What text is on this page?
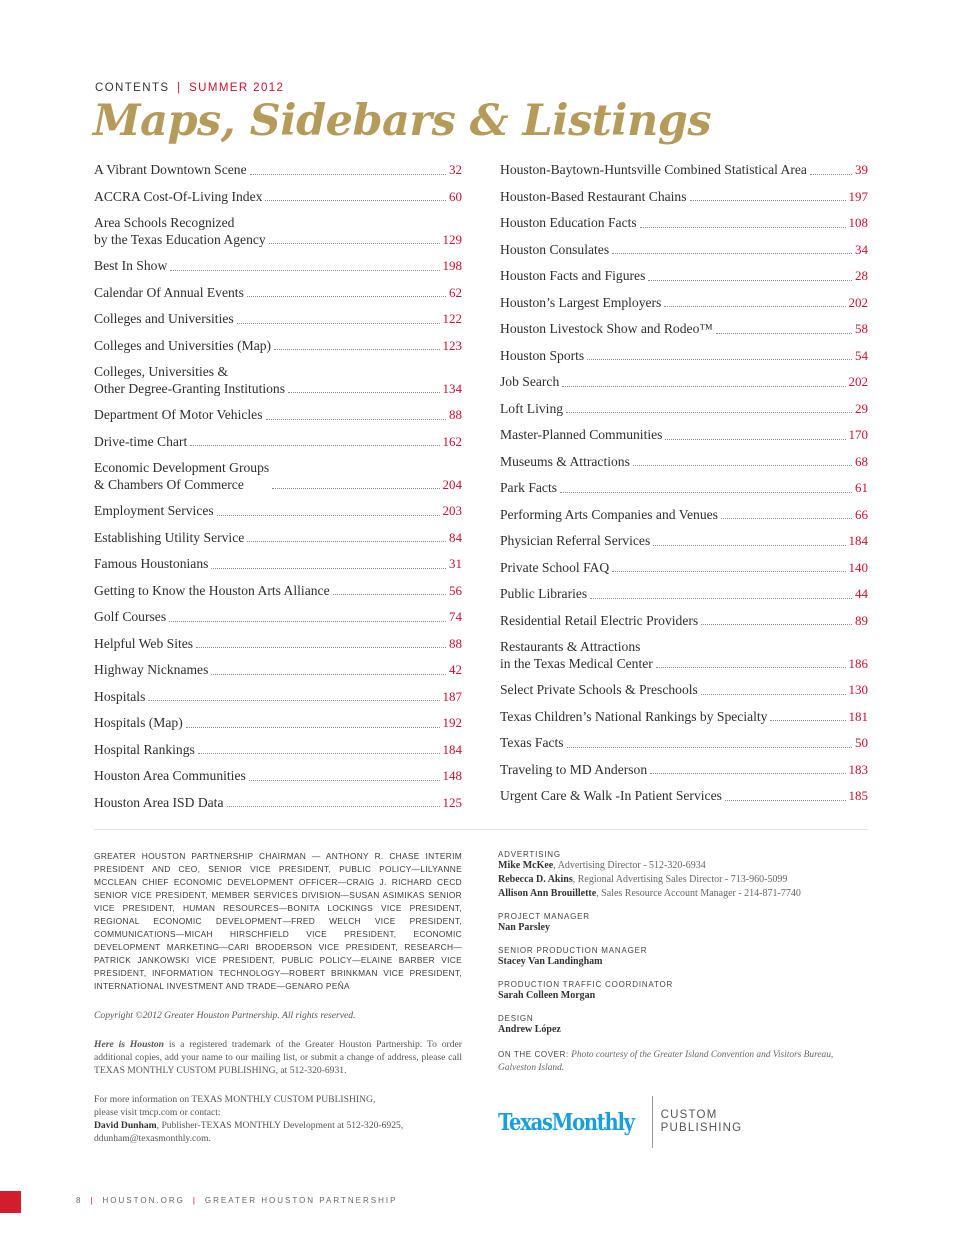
CONTENTS | SUMMER 2012
Maps, Sidebars & Listings
A Vibrant Downtown Scene	32
ACCRA Cost-Of-Living Index	60
Area Schools Recognized
by the Texas Education Agency	129
Best In Show	198
Calendar Of Annual Events	62
Colleges and Universities	122
Colleges and Universities (Map)	123
Colleges, Universities &
Other Degree-Granting Institutions	134
Department Of Motor Vehicles	88
Drive-time Chart	162
Economic Development Groups
& Chambers Of Commerce	204
Employment Services	203
Establishing Utility Service	84
Famous Houstonians	31
Getting to Know the Houston Arts Alliance	56
Golf Courses	74
Helpful Web Sites	88
Highway Nicknames	42
Hospitals	187
Hospitals (Map)	192
Hospital Rankings	184
Houston Area Communities	148
Houston Area ISD Data	125
Houston-Baytown-Huntsville Combined Statistical Area	39
Houston-Based Restaurant Chains	197
Houston Education Facts	108
Houston Consulates	34
Houston Facts and Figures	28
Houston’s Largest Employers	202
Houston Livestock Show and Rodeo™	58
Houston Sports	54
Job Search	202
Loft Living	29
Master-Planned Communities	170
Museums & Attractions	68
Park Facts	61
Performing Arts Companies and Venues	66
Physician Referral Services	184
Private School FAQ	140
Public Libraries	44
Residential Retail Electric Providers	89
Restaurants & Attractions
in the Texas Medical Center	186
Select Private Schools & Preschools	130
Texas Children’s National Rankings by Specialty	181
Texas Facts	50
Traveling to MD Anderson	183
Urgent Care & Walk -In Patient Services	185
GREATER HOUSTON PARTNERSHIP CHAIRMAN — ANTHONY R. CHASE INTERIM PRESIDENT AND CEO, SENIOR VICE PRESIDENT, PUBLIC POLICY—LILYANNE MCCLEAN CHIEF ECONOMIC DEVELOPMENT OFFICER—CRAIG J. RICHARD CECD SENIOR VICE PRESIDENT, MEMBER SERVICES DIVISION—SUSAN ASIMIKAS SENIOR VICE PRESIDENT, HUMAN RESOURCES—BONITA LOCKINGS VICE PRESIDENT, REGIONAL ECONOMIC DEVELOPMENT—FRED WELCH VICE PRESIDENT, COMMUNICATIONS—MICAH HIRSCHFIELD VICE PRESIDENT, ECONOMIC DEVELOPMENT MARKETING—CARI BRODERSON VICE PRESIDENT, RESEARCH—PATRICK JANKOWSKI VICE PRESIDENT, PUBLIC POLICY—ELAINE BARBER VICE PRESIDENT, INFORMATION TECHNOLOGY—ROBERT BRINKMAN VICE PRESIDENT, INTERNATIONAL INVESTMENT AND TRADE—GENARO PEÑA
Copyright ©2012 Greater Houston Partnership. All rights reserved.
Here is Houston is a registered trademark of the Greater Houston Partnership. To order additional copies, add your name to our mailing list, or submit a change of address, please call TEXAS MONTHLY CUSTOM PUBLISHING, at 512-320-6931.
For more information on TEXAS MONTHLY CUSTOM PUBLISHING,
please visit tmcp.com or contact:
David Dunham, Publisher-TEXAS MONTHLY Development at 512-320-6925,
ddunham@texasmonthly.com.
ADVERTISING
Mike McKee, Advertising Director - 512-320-6934
Rebecca D. Akins, Regional Advertising Sales Director - 713-960-5099
Allison Ann Brouillette, Sales Resource Account Manager - 214-871-7740
PROJECT MANAGER
Nan Parsley
SENIOR PRODUCTION MANAGER
Stacey Van Landingham
PRODUCTION TRAFFIC COORDINATOR
Sarah Colleen Morgan
DESIGN
Andrew López
ON THE COVER: Photo courtesy of the Greater Island Convention and Visitors Bureau, Galveston Island.
TexasMonthly CUSTOM
PUBLISHING
8 | HOUSTON.ORG | GREATER HOUSTON PARTNERSHIP
